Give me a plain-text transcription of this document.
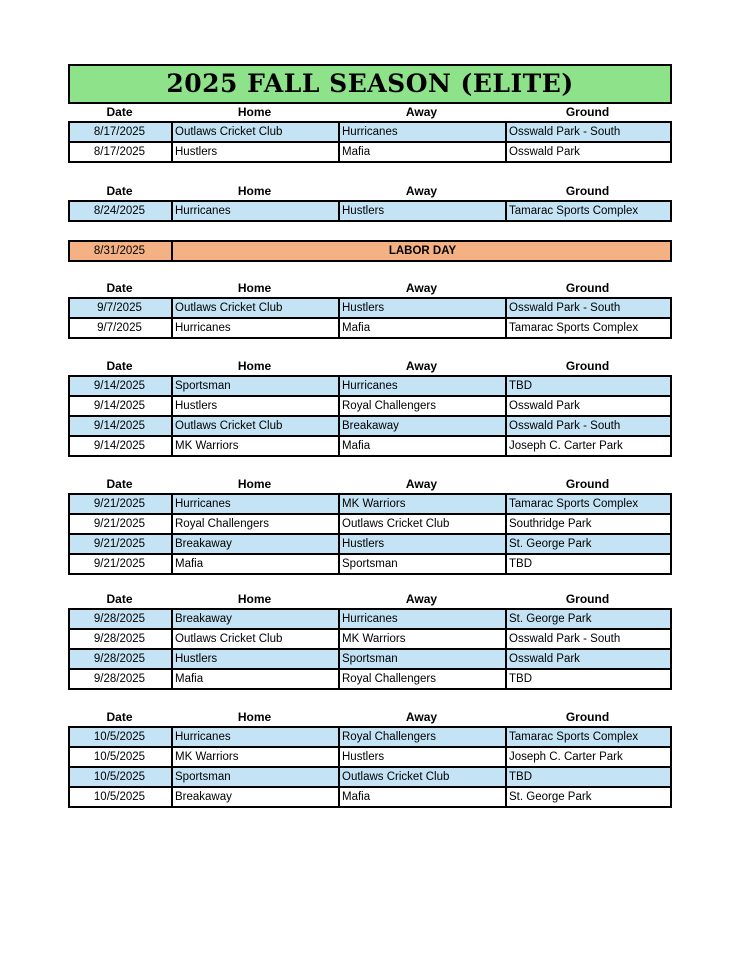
2025 FALL SEASON (ELITE)
Date	Home	Away	Ground
8/17/2025	Outlaws Cricket Club	Hurricanes	Osswald Park - South
8/17/2025	Hustlers	Mafia	Osswald Park
Date	Home	Away	Ground
8/24/2025	Hurricanes	Hustlers	Tamarac Sports Complex
8/31/2025	LABOR DAY
Date	Home	Away	Ground
9/7/2025	Outlaws Cricket Club	Hustlers	Osswald Park - South
9/7/2025	Hurricanes	Mafia	Tamarac Sports Complex
Date	Home	Away	Ground
9/14/2025	Sportsman	Hurricanes	TBD
9/14/2025	Hustlers	Royal Challengers	Osswald Park
9/14/2025	Outlaws Cricket Club	Breakaway	Osswald Park - South
9/14/2025	MK Warriors	Mafia	Joseph C. Carter Park
Date	Home	Away	Ground
9/21/2025	Hurricanes	MK Warriors	Tamarac Sports Complex
9/21/2025	Royal Challengers	Outlaws Cricket Club	Southridge Park
9/21/2025	Breakaway	Hustlers	St. George Park
9/21/2025	Mafia	Sportsman	TBD
Date	Home	Away	Ground
9/28/2025	Breakaway	Hurricanes	St. George Park
9/28/2025	Outlaws Cricket Club	MK Warriors	Osswald Park - South
9/28/2025	Hustlers	Sportsman	Osswald Park
9/28/2025	Mafia	Royal Challengers	TBD
Date	Home	Away	Ground
10/5/2025	Hurricanes	Royal Challengers	Tamarac Sports Complex
10/5/2025	MK Warriors	Hustlers	Joseph C. Carter Park
10/5/2025	Sportsman	Outlaws Cricket Club	TBD
10/5/2025	Breakaway	Mafia	St. George Park
